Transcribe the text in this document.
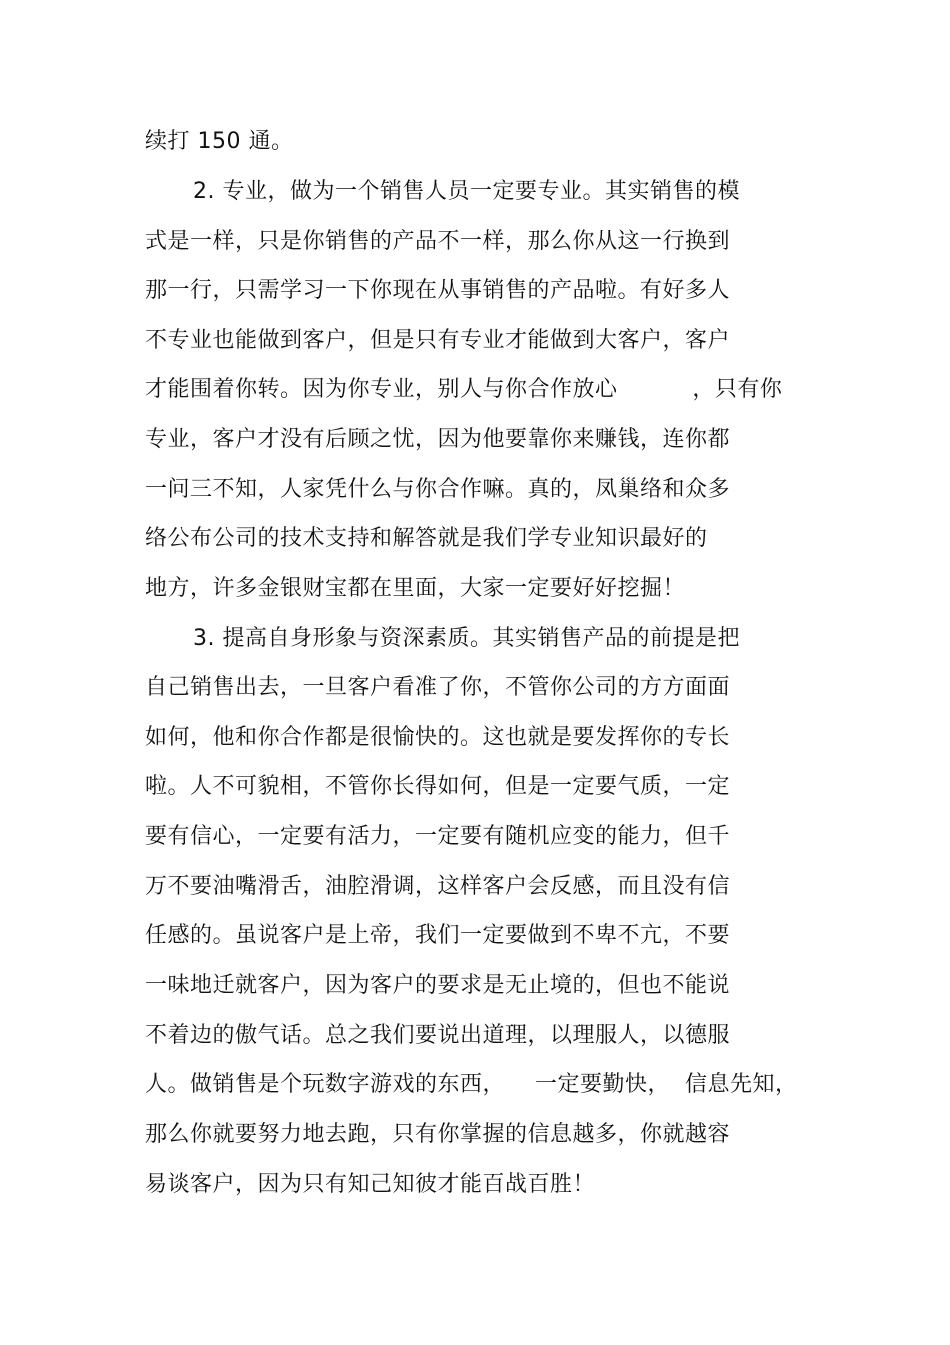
续打 150 通。
2. 专业，做为一个销售人员一定要专业。其实销售的模
式是一样，只是你销售的产品不一样，那么你从这一行换到
那一行，只需学习一下你现在从事销售的产品啦。有好多人
不专业也能做到客户，但是只有专业才能做到大客户，客户
才能围着你转。因为你专业，别人与你合作放心          ，只有你
专业，客户才没有后顾之忧，因为他要靠你来赚钱，连你都
一问三不知，人家凭什么与你合作嘛。真的，凤巢络和众多
络公布公司的技术支持和解答就是我们学专业知识最好的
地方，许多金银财宝都在里面，大家一定要好好挖掘！
3. 提高自身形象与资深素质。其实销售产品的前提是把
自己销售出去，一旦客户看准了你，不管你公司的方方面面
如何，他和你合作都是很愉快的。这也就是要发挥你的专长
啦。人不可貌相，不管你长得如何，但是一定要气质，一定
要有信心，一定要有活力，一定要有随机应变的能力，但千
万不要油嘴滑舌，油腔滑调，这样客户会反感，而且没有信
任感的。虽说客户是上帝，我们一定要做到不卑不亢，不要
一味地迁就客户，因为客户的要求是无止境的，但也不能说
不着边的傲气话。总之我们要说出道理，以理服人，以德服
人。做销售是个玩数字游戏的东西，    一定要勤快，  信息先知，
那么你就要努力地去跑，只有你掌握的信息越多，你就越容
易谈客户，因为只有知己知彼才能百战百胜！
